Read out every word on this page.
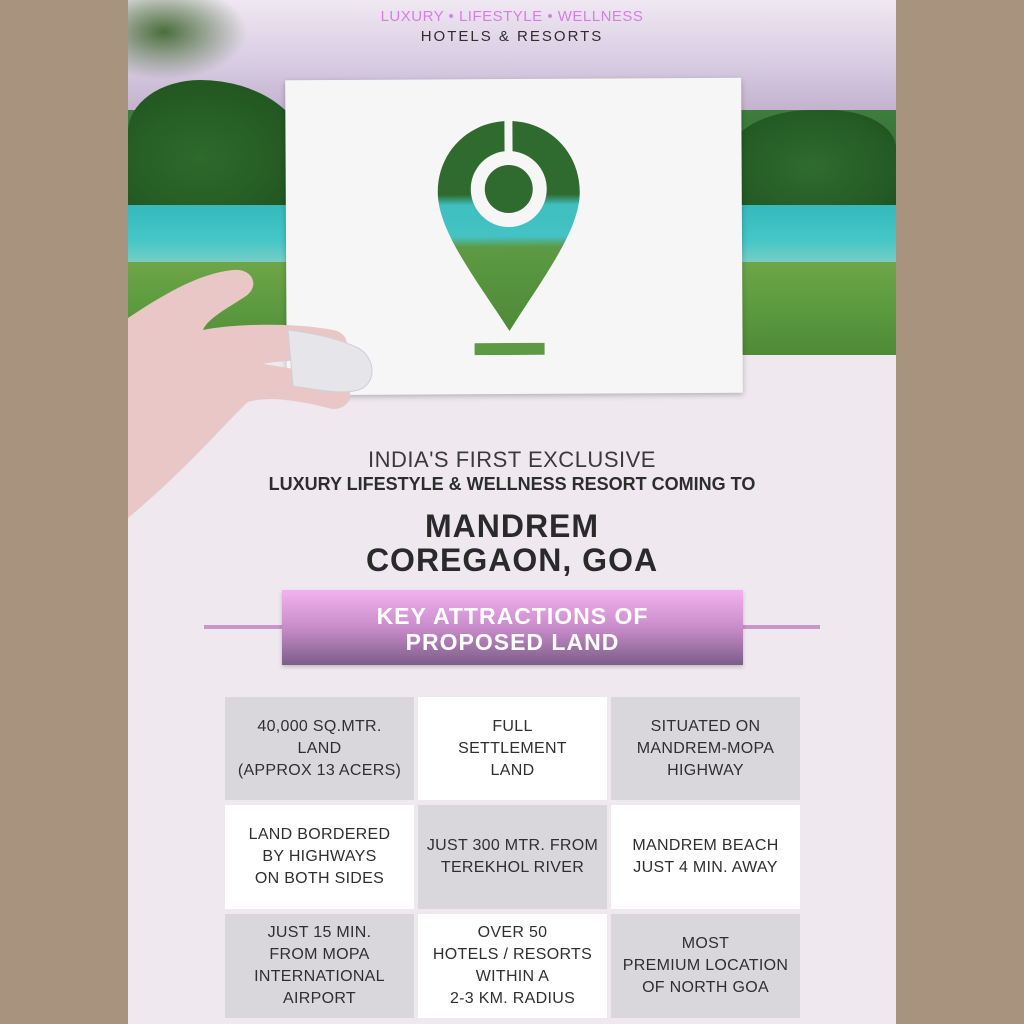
LUXURY • LIFESTYLE • WELLNESS
HOTELS & RESORTS
INDIA'S FIRST EXCLUSIVE
LUXURY LIFESTYLE & WELLNESS RESORT COMING TO
MANDREM
COREGAON, GOA
KEY ATTRACTIONS OF
PROPOSED LAND
40,000 SQ.MTR.
LAND
(APPROX 13 ACERS)
FULL
SETTLEMENT
LAND
SITUATED ON
MANDREM-MOPA
HIGHWAY
LAND BORDERED
BY HIGHWAYS
ON BOTH SIDES
JUST 300 MTR. FROM
TEREKHOL RIVER
MANDREM BEACH
JUST 4 MIN. AWAY
JUST 15 MIN.
FROM MOPA
INTERNATIONAL
AIRPORT
OVER 50
HOTELS / RESORTS
WITHIN A
2-3 KM. RADIUS
MOST
PREMIUM LOCATION
OF NORTH GOA
